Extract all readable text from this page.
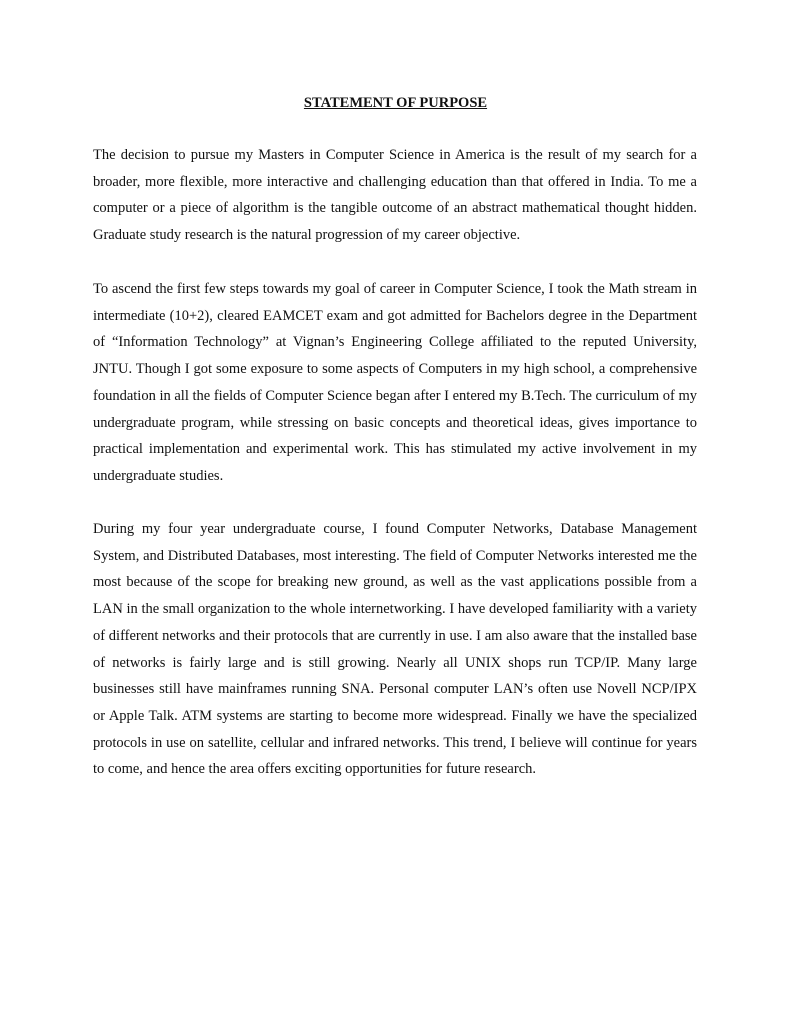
STATEMENT OF PURPOSE

The decision to pursue my Masters in Computer Science in America is the result of my search for a broader, more flexible, more interactive and challenging education than that offered in India. To me a computer or a piece of algorithm is the tangible outcome of an abstract mathematical thought hidden. Graduate study research is the natural progression of my career objective.

To ascend the first few steps towards my goal of career in Computer Science, I took the Math stream in intermediate (10+2), cleared EAMCET exam and got admitted for Bachelors degree in the Department of “Information Technology” at Vignan’s Engineering College affiliated to the reputed University, JNTU. Though I got some exposure to some aspects of Computers in my high school, a comprehensive foundation in all the fields of Computer Science began after I entered my B.Tech. The curriculum of my undergraduate program, while stressing on basic concepts and theoretical ideas, gives importance to practical implementation and experimental work. This has stimulated my active involvement in my undergraduate studies.

During my four year undergraduate course, I found Computer Networks, Database Management System, and Distributed Databases, most interesting. The field of Computer Networks interested me the most because of the scope for breaking new ground, as well as the vast applications possible from a LAN in the small organization to the whole internetworking. I have developed familiarity with a variety of different networks and their protocols that are currently in use. I am also aware that the installed base of networks is fairly large and is still growing. Nearly all UNIX shops run TCP/IP. Many large businesses still have mainframes running SNA. Personal computer LAN’s often use Novell NCP/IPX or Apple Talk. ATM systems are starting to become more widespread. Finally we have the specialized protocols in use on satellite, cellular and infrared networks. This trend, I believe will continue for years to come, and hence the area offers exciting opportunities for future research.
